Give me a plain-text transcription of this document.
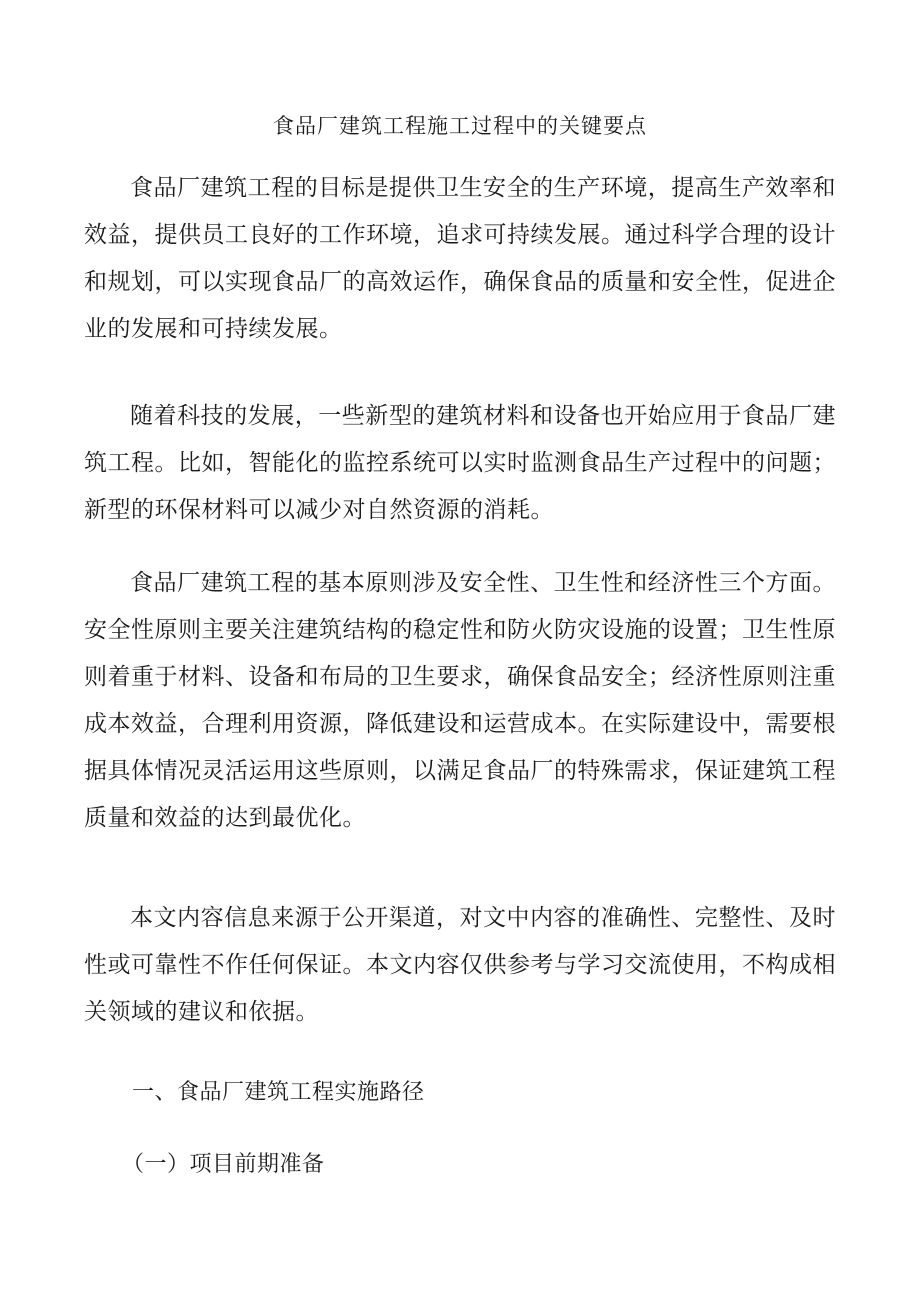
食品厂建筑工程施工过程中的关键要点

食品厂建筑工程的目标是提供卫生安全的生产环境，提高生产效率和效益，提供员工良好的工作环境，追求可持续发展。通过科学合理的设计和规划，可以实现食品厂的高效运作，确保食品的质量和安全性，促进企业的发展和可持续发展。

随着科技的发展，一些新型的建筑材料和设备也开始应用于食品厂建筑工程。比如，智能化的监控系统可以实时监测食品生产过程中的问题；新型的环保材料可以减少对自然资源的消耗。

食品厂建筑工程的基本原则涉及安全性、卫生性和经济性三个方面。安全性原则主要关注建筑结构的稳定性和防火防灾设施的设置；卫生性原则着重于材料、设备和布局的卫生要求，确保食品安全；经济性原则注重成本效益，合理利用资源，降低建设和运营成本。在实际建设中，需要根据具体情况灵活运用这些原则，以满足食品厂的特殊需求，保证建筑工程质量和效益的达到最优化。

本文内容信息来源于公开渠道，对文中内容的准确性、完整性、及时性或可靠性不作任何保证。本文内容仅供参考与学习交流使用，不构成相关领域的建议和依据。

一、食品厂建筑工程实施路径
（一）项目前期准备
